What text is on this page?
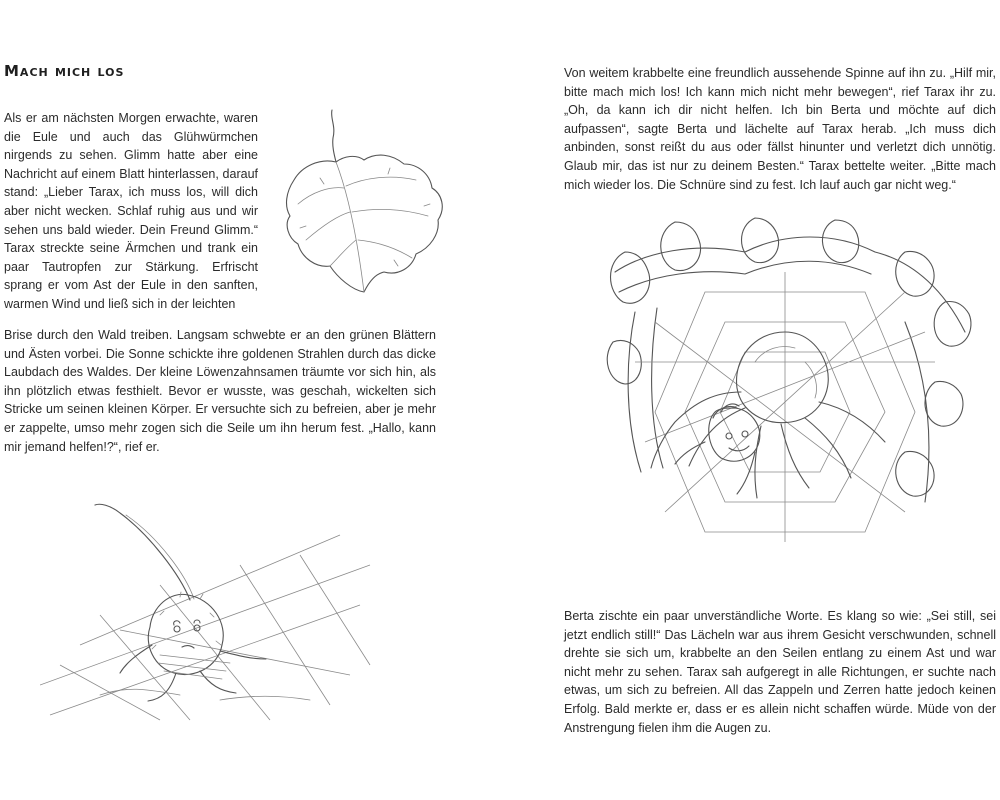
Mach mich los

Als er am nächsten Morgen erwachte, waren die Eule und auch das Glühwürmchen nirgends zu sehen. Glimm hatte aber eine Nachricht auf einem Blatt hinterlassen, darauf stand: „Lieber Tarax, ich muss los, will dich aber nicht wecken. Schlaf ruhig aus und wir sehen uns bald wieder. Dein Freund Glimm.“ Tarax streckte seine Ärmchen und trank ein paar Tautropfen zur Stärkung. Erfrischt sprang er vom Ast der Eule in den sanften, warmen Wind und ließ sich in der leichten

Brise durch den Wald treiben. Langsam schwebte er an den grünen Blättern und Ästen vorbei. Die Sonne schickte ihre goldenen Strahlen durch das dicke Laubdach des Waldes. Der kleine Löwenzahnsamen träumte vor sich hin, als ihn plötzlich etwas festhielt. Bevor er wusste, was geschah, wickelten sich Stricke um seinen kleinen Körper. Er versuchte sich zu befreien, aber je mehr er zappelte, umso mehr zogen sich die Seile um ihn herum fest. „Hallo, kann mir jemand helfen!?“, rief er.

Von weitem krabbelte eine freundlich aussehende Spinne auf ihn zu. „Hilf mir, bitte mach mich los! Ich kann mich nicht mehr bewegen“, rief Tarax ihr zu. „Oh, da kann ich dir nicht helfen. Ich bin Berta und möchte auf dich aufpassen“, sagte Berta und lächelte auf Tarax herab. „Ich muss dich anbinden, sonst reißt du aus oder fällst hinunter und verletzt dich unnötig. Glaub mir, das ist nur zu deinem Besten.“ Tarax bettelte weiter. „Bitte mach mich wieder los. Die Schnüre sind zu fest. Ich lauf auch gar nicht weg.“

Berta zischte ein paar unverständliche Worte. Es klang so wie: „Sei still, sei jetzt endlich still!“ Das Lächeln war aus ihrem Gesicht verschwunden, schnell drehte sie sich um, krabbelte an den Seilen entlang zu einem Ast und war nicht mehr zu sehen. Tarax sah aufgeregt in alle Richtungen, er suchte nach etwas, um sich zu befreien. All das Zappeln und Zerren hatte jedoch keinen Erfolg. Bald merkte er, dass er es allein nicht schaffen würde. Müde von der Anstrengung fielen ihm die Augen zu.
